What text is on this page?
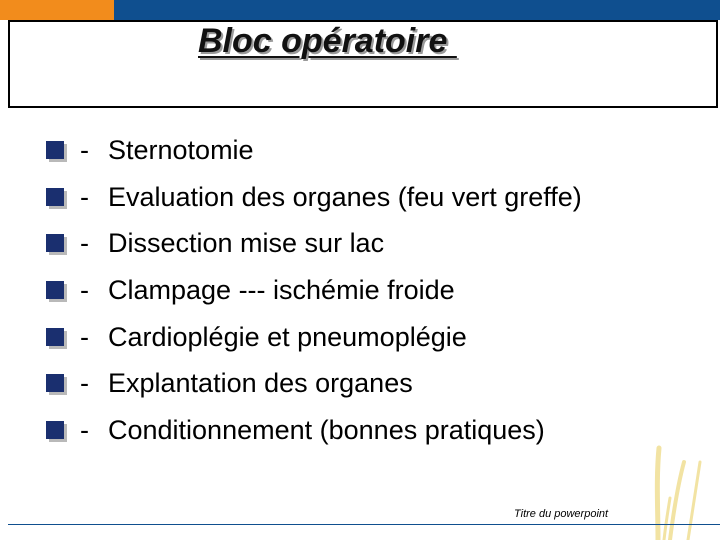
Bloc opératoire
- Sternotomie
- Evaluation des organes (feu vert greffe)
- Dissection mise sur lac
- Clampage --- ischémie froide
- Cardioplégie et pneumoplégie
- Explantation des organes
- Conditionnement (bonnes pratiques)
Titre du powerpoint
